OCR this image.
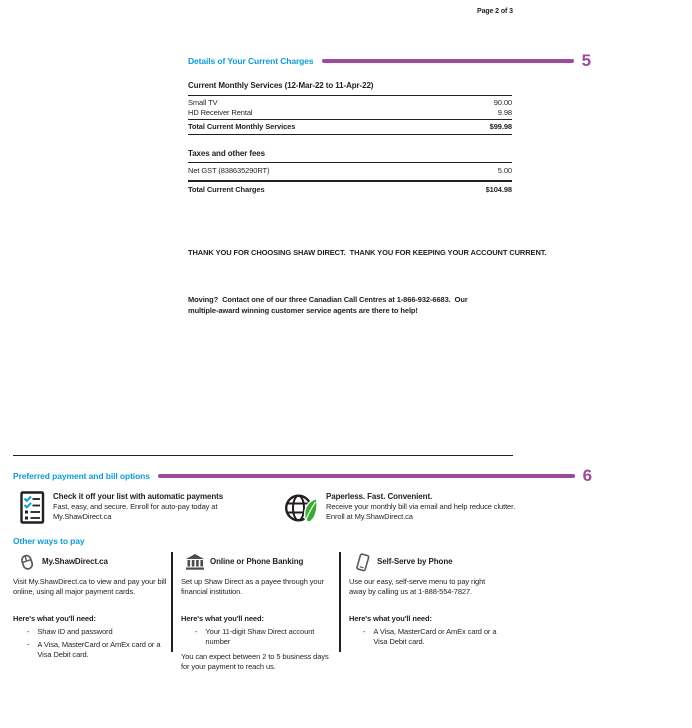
Page 2 of 3
Details of Your Current Charges	5
Current Monthly Services (12-Mar-22 to 11-Apr-22)
Small TV	90.00
HD Receiver Rental	9.98
Total Current Monthly Services	$99.98
Taxes and other fees
Net GST (838635290RT)	5.00
Total Current Charges	$104.98
THANK YOU FOR CHOOSING SHAW DIRECT.  THANK YOU FOR KEEPING YOUR ACCOUNT CURRENT.
Moving?  Contact one of our three Canadian Call Centres at 1-866-932-6683.  Our
multiple-award winning customer service agents are there to help!
Preferred payment and bill options	6
Check it off your list with automatic payments
Fast, easy, and secure. Enroll for auto-pay today at
My.ShawDirect.ca
Paperless. Fast. Convenient.
Receive your monthly bill via email and help reduce clutter.
Enroll at My.ShawDirect.ca
Other ways to pay
My.ShawDirect.ca
Visit My.ShawDirect.ca to view and pay your bill online, using all major payment cards.
Here's what you'll need:
- Shaw ID and password
- A Visa, MasterCard or AmEx card or a Visa Debit card.
Online or Phone Banking
Set up Shaw Direct as a payee through your financial institution.
Here's what you'll need:
- Your 11-digit Shaw Direct account number
You can expect between 2 to 5 business days for your payment to reach us.
Self-Serve by Phone
Use our easy, self-serve menu to pay right away by calling us at 1-888-554-7827.
Here's what you'll need:
- A Visa, MasterCard or AmEx card or a Visa Debit card.
